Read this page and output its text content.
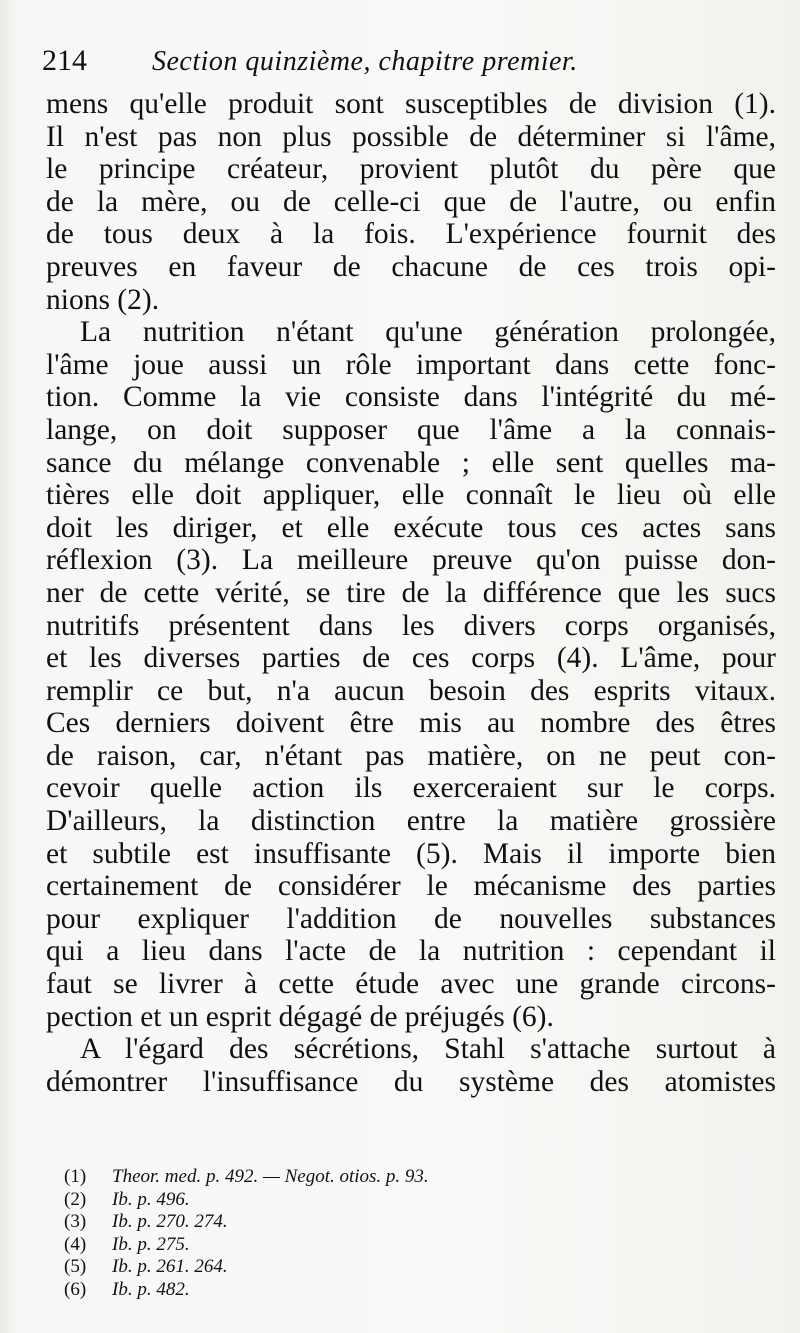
214	Section quinzième, chapitre premier.
mens qu'elle produit sont susceptibles de division (1).
Il n'est pas non plus possible de déterminer si l'âme,
le principe créateur, provient plutôt du père que
de la mère, ou de celle-ci que de l'autre, ou enfin
de tous deux à la fois. L'expérience fournit des
preuves en faveur de chacune de ces trois opi-
nions (2).
La nutrition n'étant qu'une génération prolongée,
l'âme joue aussi un rôle important dans cette fonc-
tion. Comme la vie consiste dans l'intégrité du mé-
lange, on doit supposer que l'âme a la connais-
sance du mélange convenable ; elle sent quelles ma-
tières elle doit appliquer, elle connaît le lieu où elle
doit les diriger, et elle exécute tous ces actes sans
réflexion (3). La meilleure preuve qu'on puisse don-
ner de cette vérité, se tire de la différence que les sucs
nutritifs présentent dans les divers corps organisés,
et les diverses parties de ces corps (4). L'âme, pour
remplir ce but, n'a aucun besoin des esprits vitaux.
Ces derniers doivent être mis au nombre des êtres
de raison, car, n'étant pas matière, on ne peut con-
cevoir quelle action ils exerceraient sur le corps.
D'ailleurs, la distinction entre la matière grossière
et subtile est insuffisante (5). Mais il importe bien
certainement de considérer le mécanisme des parties
pour expliquer l'addition de nouvelles substances
qui a lieu dans l'acte de la nutrition : cependant il
faut se livrer à cette étude avec une grande circons-
pection et un esprit dégagé de préjugés (6).
A l'égard des sécrétions, Stahl s'attache surtout à
démontrer l'insuffisance du système des atomistes
(1)	Theor. med. p. 492. — Negot. otios. p. 93.
(2)	Ib. p. 496.
(3)	Ib. p. 270. 274.
(4)	Ib. p. 275.
(5)	Ib. p. 261. 264.
(6)	Ib. p. 482.
